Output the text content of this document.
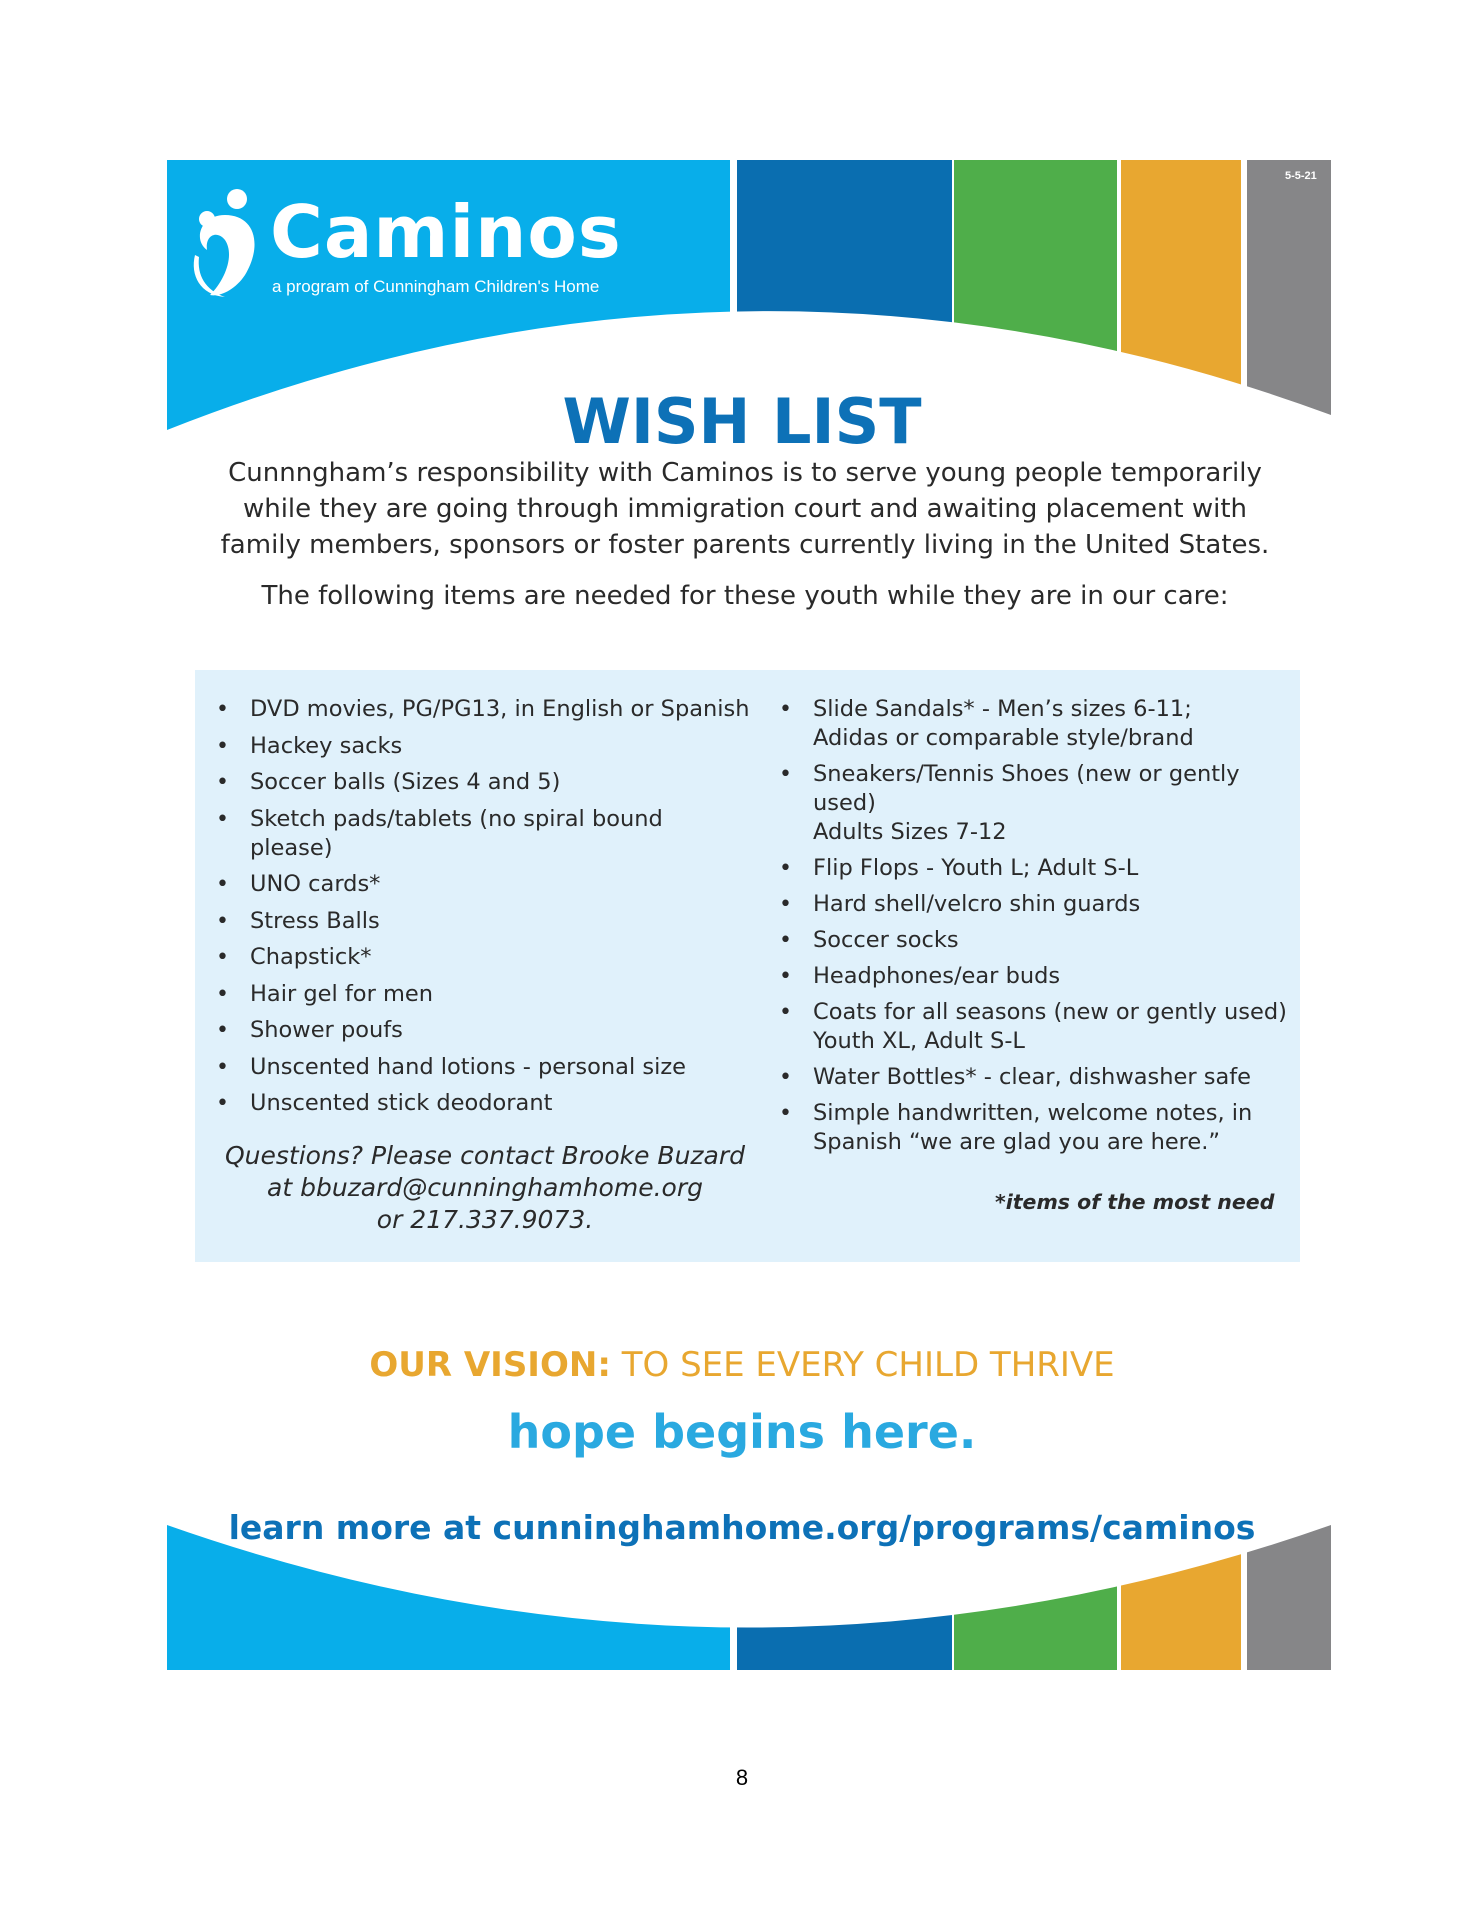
5-5-21
Caminos
a program of Cunningham Children's Home
WISH LIST
Cunnngham’s responsibility with Caminos is to serve young people temporarily while they are going through immigration court and awaiting placement with family members, sponsors or foster parents currently living in the United States.
The following items are needed for these youth while they are in our care:
• DVD movies, PG/PG13, in English or Spanish
• Hackey sacks
• Soccer balls (Sizes 4 and 5)
• Sketch pads/tablets (no spiral bound please)
• UNO cards*
• Stress Balls
• Chapstick*
• Hair gel for men
• Shower poufs
• Unscented hand lotions - personal size
• Unscented stick deodorant
• Slide Sandals* - Men’s sizes 6-11;
Adidas or comparable style/brand
• Sneakers/Tennis Shoes (new or gently used)
Adults Sizes 7-12
• Flip Flops - Youth L; Adult S-L
• Hard shell/velcro shin guards
• Soccer socks
• Headphones/ear buds
• Coats for all seasons (new or gently used)
Youth XL, Adult S-L
• Water Bottles* - clear, dishwasher safe
• Simple handwritten, welcome notes, in
Spanish “we are glad you are here.”
Questions? Please contact Brooke Buzard
at bbuzard@cunninghamhome.org
or 217.337.9073.
*items of the most need
OUR VISION: TO SEE EVERY CHILD THRIVE
hope begins here.
learn more at cunninghamhome.org/programs/caminos
8
